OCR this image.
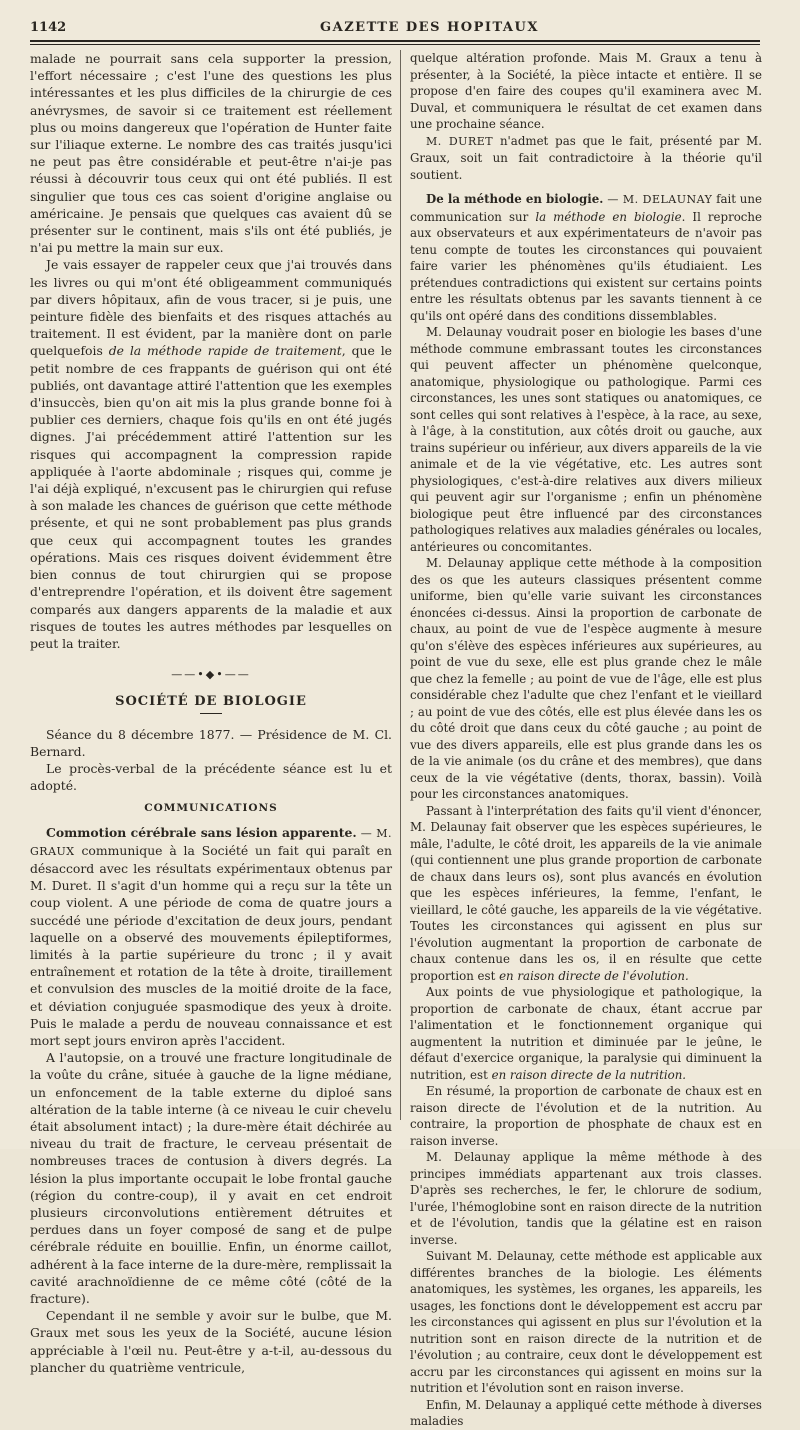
1142	GAZETTE DES HOPITAUX

malade ne pourrait sans cela supporter la pression, l'effort nécessaire ; c'est l'une des questions les plus intéressantes et les plus difficiles de la chirurgie de ces anévrysmes, de savoir si ce traitement est réellement plus ou moins dangereux que l'opération de Hunter faite sur l'iliaque externe. Le nombre des cas traités jusqu'ici ne peut pas être considérable et peut-être n'ai-je pas réussi à découvrir tous ceux qui ont été publiés. Il est singulier que tous ces cas soient d'origine anglaise ou américaine. Je pensais que quelques cas avaient dû se présenter sur le continent, mais s'ils ont été publiés, je n'ai pu mettre la main sur eux.

Je vais essayer de rappeler ceux que j'ai trouvés dans les livres ou qui m'ont été obligeamment communiqués par divers hôpitaux, afin de vous tracer, si je puis, une peinture fidèle des bienfaits et des risques attachés au traitement. Il est évident, par la manière dont on parle quelquefois de la méthode rapide de traitement, que le petit nombre de ces frappants de guérison qui ont été publiés, ont davantage attiré l'attention que les exemples d'insuccès, bien qu'on ait mis la plus grande bonne foi à publier ces derniers, chaque fois qu'ils en ont été jugés dignes. J'ai précédemment attiré l'attention sur les risques qui accompagnent la compression rapide appliquée à l'aorte abdominale ; risques qui, comme je l'ai déjà expliqué, n'excusent pas le chirurgien qui refuse à son malade les chances de guérison que cette méthode présente, et qui ne sont probablement pas plus grands que ceux qui accompagnent toutes les grandes opérations. Mais ces risques doivent évidemment être bien connus de tout chirurgien qui se propose d'entreprendre l'opération, et ils doivent être sagement comparés aux dangers apparents de la maladie et aux risques de toutes les autres méthodes par lesquelles on peut la traiter.

——•◆•——
SOCIÉTÉ DE BIOLOGIE

Séance du 8 décembre 1877. — Présidence de M. Cl. Bernard.

Le procès-verbal de la précédente séance est lu et adopté.

COMMUNICATIONS

Commotion cérébrale sans lésion apparente. — M. GRAUX communique à la Société un fait qui paraît en désaccord avec les résultats expérimentaux obtenus par M. Duret. Il s'agit d'un homme qui a reçu sur la tête un coup violent. A une période de coma de quatre jours a succédé une période d'excitation de deux jours, pendant laquelle on a observé des mouvements épileptiformes, limités à la partie supérieure du tronc ; il y avait entraînement et rotation de la tête à droite, tiraillement et convulsion des muscles de la moitié droite de la face, et déviation conjuguée spasmodique des yeux à droite. Puis le malade a perdu de nouveau connaissance et est mort sept jours environ après l'accident.

A l'autopsie, on a trouvé une fracture longitudinale de la voûte du crâne, située à gauche de la ligne médiane, un enfoncement de la table externe du diploé sans altération de la table interne (à ce niveau le cuir chevelu était absolument intact) ; la dure-mère était déchirée au niveau du trait de fracture, le cerveau présentait de nombreuses traces de contusion à divers degrés. La lésion la plus importante occupait le lobe frontal gauche (région du contre-coup), il y avait en cet endroit plusieurs circonvolutions entièrement détruites et perdues dans un foyer composé de sang et de pulpe cérébrale réduite en bouillie. Enfin, un énorme caillot, adhérent à la face interne de la dure-mère, remplissait la cavité arachnoïdienne de ce même côté (côté de la fracture).

Cependant il ne semble y avoir sur le bulbe, que M. Graux met sous les yeux de la Société, aucune lésion appréciable à l'œil nu. Peut-être y a-t-il, au-dessous du plancher du quatrième ventricule,

quelque altération profonde. Mais M. Graux a tenu à présenter, à la Société, la pièce intacte et entière. Il se propose d'en faire des coupes qu'il examinera avec M. Duval, et communiquera le résultat de cet examen dans une prochaine séance.

M. DURET n'admet pas que le fait, présenté par M. Graux, soit un fait contradictoire à la théorie qu'il soutient.

De la méthode en biologie. — M. DELAUNAY fait une communication sur la méthode en biologie. Il reproche aux observateurs et aux expérimentateurs de n'avoir pas tenu compte de toutes les circonstances qui pouvaient faire varier les phénomènes qu'ils étudiaient. Les prétendues contradictions qui existent sur certains points entre les résultats obtenus par les savants tiennent à ce qu'ils ont opéré dans des conditions dissemblables.

M. Delaunay voudrait poser en biologie les bases d'une méthode commune embrassant toutes les circonstances qui peuvent affecter un phénomène quelconque, anatomique, physiologique ou pathologique. Parmi ces circonstances, les unes sont statiques ou anatomiques, ce sont celles qui sont relatives à l'espèce, à la race, au sexe, à l'âge, à la constitution, aux côtés droit ou gauche, aux trains supérieur ou inférieur, aux divers appareils de la vie animale et de la vie végétative, etc. Les autres sont physiologiques, c'est-à-dire relatives aux divers milieux qui peuvent agir sur l'organisme ; enfin un phénomène biologique peut être influencé par des circonstances pathologiques relatives aux maladies générales ou locales, antérieures ou concomitantes.

M. Delaunay applique cette méthode à la composition des os que les auteurs classiques présentent comme uniforme, bien qu'elle varie suivant les circonstances énoncées ci-dessus. Ainsi la proportion de carbonate de chaux, au point de vue de l'espèce augmente à mesure qu'on s'élève des espèces inférieures aux supérieures, au point de vue du sexe, elle est plus grande chez le mâle que chez la femelle ; au point de vue de l'âge, elle est plus considérable chez l'adulte que chez l'enfant et le vieillard ; au point de vue des côtés, elle est plus élevée dans les os du côté droit que dans ceux du côté gauche ; au point de vue des divers appareils, elle est plus grande dans les os de la vie animale (os du crâne et des membres), que dans ceux de la vie végétative (dents, thorax, bassin). Voilà pour les circonstances anatomiques.

Passant à l'interprétation des faits qu'il vient d'énoncer, M. Delaunay fait observer que les espèces supérieures, le mâle, l'adulte, le côté droit, les appareils de la vie animale (qui contiennent une plus grande proportion de carbonate de chaux dans leurs os), sont plus avancés en évolution que les espèces inférieures, la femme, l'enfant, le vieillard, le côté gauche, les appareils de la vie végétative. Toutes les circonstances qui agissent en plus sur l'évolution augmentant la proportion de carbonate de chaux contenue dans les os, il en résulte que cette proportion est en raison directe de l'évolution.

Aux points de vue physiologique et pathologique, la proportion de carbonate de chaux, étant accrue par l'alimentation et le fonctionnement organique qui augmentent la nutrition et diminuée par le jeûne, le défaut d'exercice organique, la paralysie qui diminuent la nutrition, est en raison directe de la nutrition.

En résumé, la proportion de carbonate de chaux est en raison directe de l'évolution et de la nutrition. Au contraire, la proportion de phosphate de chaux est en raison inverse.

M. Delaunay applique la même méthode à des principes immédiats appartenant aux trois classes. D'après ses recherches, le fer, le chlorure de sodium, l'urée, l'hémoglobine sont en raison directe de la nutrition et de l'évolution, tandis que la gélatine est en raison inverse.

Suivant M. Delaunay, cette méthode est applicable aux différentes branches de la biologie. Les éléments anatomiques, les systèmes, les organes, les appareils, les usages, les fonctions dont le développement est accru par les circonstances qui agissent en plus sur l'évolution et la nutrition sont en raison directe de la nutrition et de l'évolution ; au contraire, ceux dont le développement est accru par les circonstances qui agissent en moins sur la nutrition et l'évolution sont en raison inverse.

Enfin, M. Delaunay a appliqué cette méthode à diverses maladies
